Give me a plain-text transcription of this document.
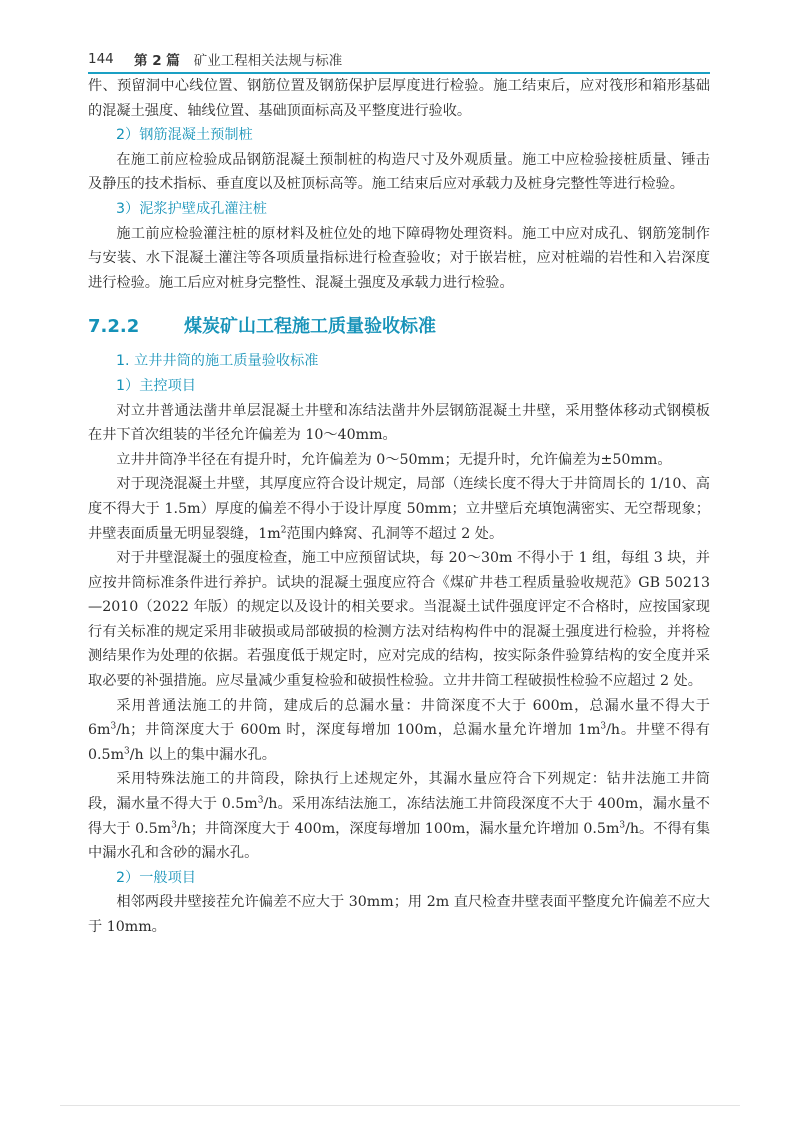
144	第 2 篇 矿业工程相关法规与标准

件、预留洞中心线位置、钢筋位置及钢筋保护层厚度进行检验。施工结束后，应对筏形和箱形基础的混凝土强度、轴线位置、基础顶面标高及平整度进行验收。

2）钢筋混凝土预制桩

在施工前应检验成品钢筋混凝土预制桩的构造尺寸及外观质量。施工中应检验接桩质量、锤击及静压的技术指标、垂直度以及桩顶标高等。施工结束后应对承载力及桩身完整性等进行检验。

3）泥浆护壁成孔灌注桩

施工前应检验灌注桩的原材料及桩位处的地下障碍物处理资料。施工中应对成孔、钢筋笼制作与安装、水下混凝土灌注等各项质量指标进行检查验收；对于嵌岩桩，应对桩端的岩性和入岩深度进行检验。施工后应对桩身完整性、混凝土强度及承载力进行检验。

7.2.2	煤炭矿山工程施工质量验收标准
1. 立井井筒的施工质量验收标准
1）主控项目

对立井普通法凿井单层混凝土井壁和冻结法凿井外层钢筋混凝土井壁，采用整体移动式钢模板在井下首次组装的半径允许偏差为 10～40mm。

立井井筒净半径在有提升时，允许偏差为 0～50mm；无提升时，允许偏差为±50mm。

对于现浇混凝土井壁，其厚度应符合设计规定，局部（连续长度不得大于井筒周长的 1/10、高度不得大于 1.5m）厚度的偏差不得小于设计厚度 50mm；立井壁后充填饱满密实、无空帮现象；井壁表面质量无明显裂缝，$1m^2$范围内蜂窝、孔洞等不超过 2 处。

对于井壁混凝土的强度检查，施工中应预留试块，每 20～30m 不得小于 1 组，每组 3 块，并应按井筒标准条件进行养护。试块的混凝土强度应符合《煤矿井巷工程质量验收规范》GB 50213—2010（2022 年版）的规定以及设计的相关要求。当混凝土试件强度评定不合格时，应按国家现行有关标准的规定采用非破损或局部破损的检测方法对结构构件中的混凝土强度进行检验，并将检测结果作为处理的依据。若强度低于规定时，应对完成的结构，按实际条件验算结构的安全度并采取必要的补强措施。应尽量减少重复检验和破损性检验。立井井筒工程破损性检验不应超过 2 处。

采用普通法施工的井筒，建成后的总漏水量：井筒深度不大于 600m，总漏水量不得大于 $6m^3/h$；井筒深度大于 600m 时，深度每增加 100m，总漏水量允许增加 $1m^3/h$。井壁不得有 $0.5m^3/h$ 以上的集中漏水孔。

采用特殊法施工的井筒段，除执行上述规定外，其漏水量应符合下列规定：钻井法施工井筒段，漏水量不得大于 $0.5m^3/h$。采用冻结法施工，冻结法施工井筒段深度不大于 400m，漏水量不得大于 $0.5m^3/h$；井筒深度大于 400m，深度每增加 100m，漏水量允许增加 $0.5m^3/h$。不得有集中漏水孔和含砂的漏水孔。

2）一般项目

相邻两段井壁接茬允许偏差不应大于 30mm；用 2m 直尺检查井壁表面平整度允许偏差不应大于 10mm。
